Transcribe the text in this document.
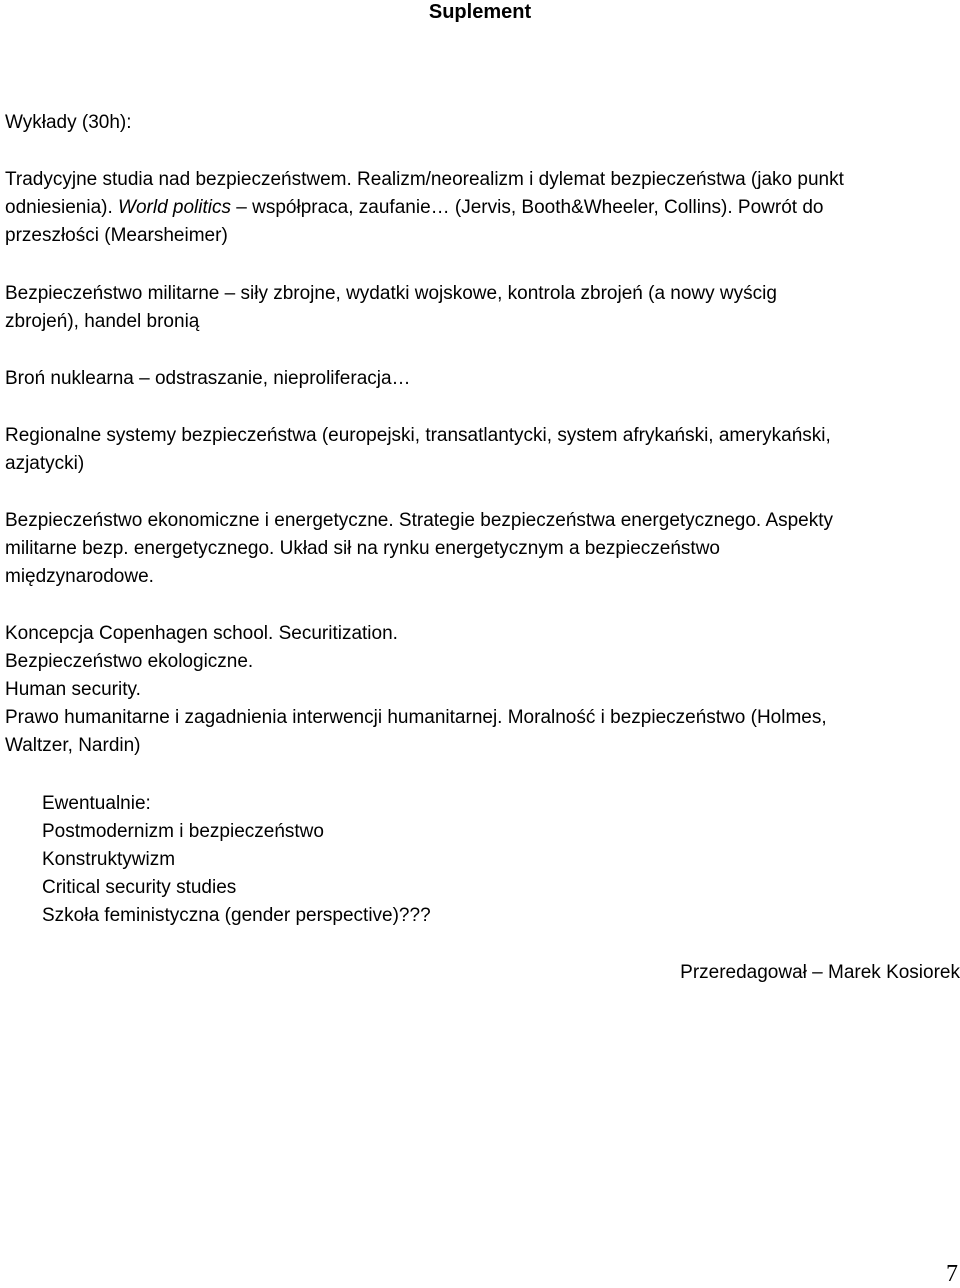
Suplement
Wykłady (30h):
Tradycyjne studia nad bezpieczeństwem. Realizm/neorealizm i dylemat bezpieczeństwa (jako punkt
odniesienia). World politics – współpraca, zaufanie… (Jervis, Booth&Wheeler, Collins). Powrót do
przeszłości (Mearsheimer)
Bezpieczeństwo militarne – siły zbrojne, wydatki wojskowe, kontrola zbrojeń (a nowy wyścig
zbrojeń), handel bronią
Broń nuklearna – odstraszanie, nieproliferacja…
Regionalne systemy bezpieczeństwa (europejski, transatlantycki, system afrykański, amerykański,
azjatycki)
Bezpieczeństwo ekonomiczne i energetyczne. Strategie bezpieczeństwa energetycznego. Aspekty
militarne bezp. energetycznego. Układ sił na rynku energetycznym a bezpieczeństwo
międzynarodowe.
Koncepcja Copenhagen school. Securitization.
Bezpieczeństwo ekologiczne.
Human security.
Prawo humanitarne i zagadnienia interwencji humanitarnej. Moralność i bezpieczeństwo (Holmes,
Waltzer, Nardin)
Ewentualnie:
Postmodernizm i bezpieczeństwo
Konstruktywizm
Critical security studies
Szkoła feministyczna (gender perspective)???
Przeredagował – Marek Kosiorek
7
